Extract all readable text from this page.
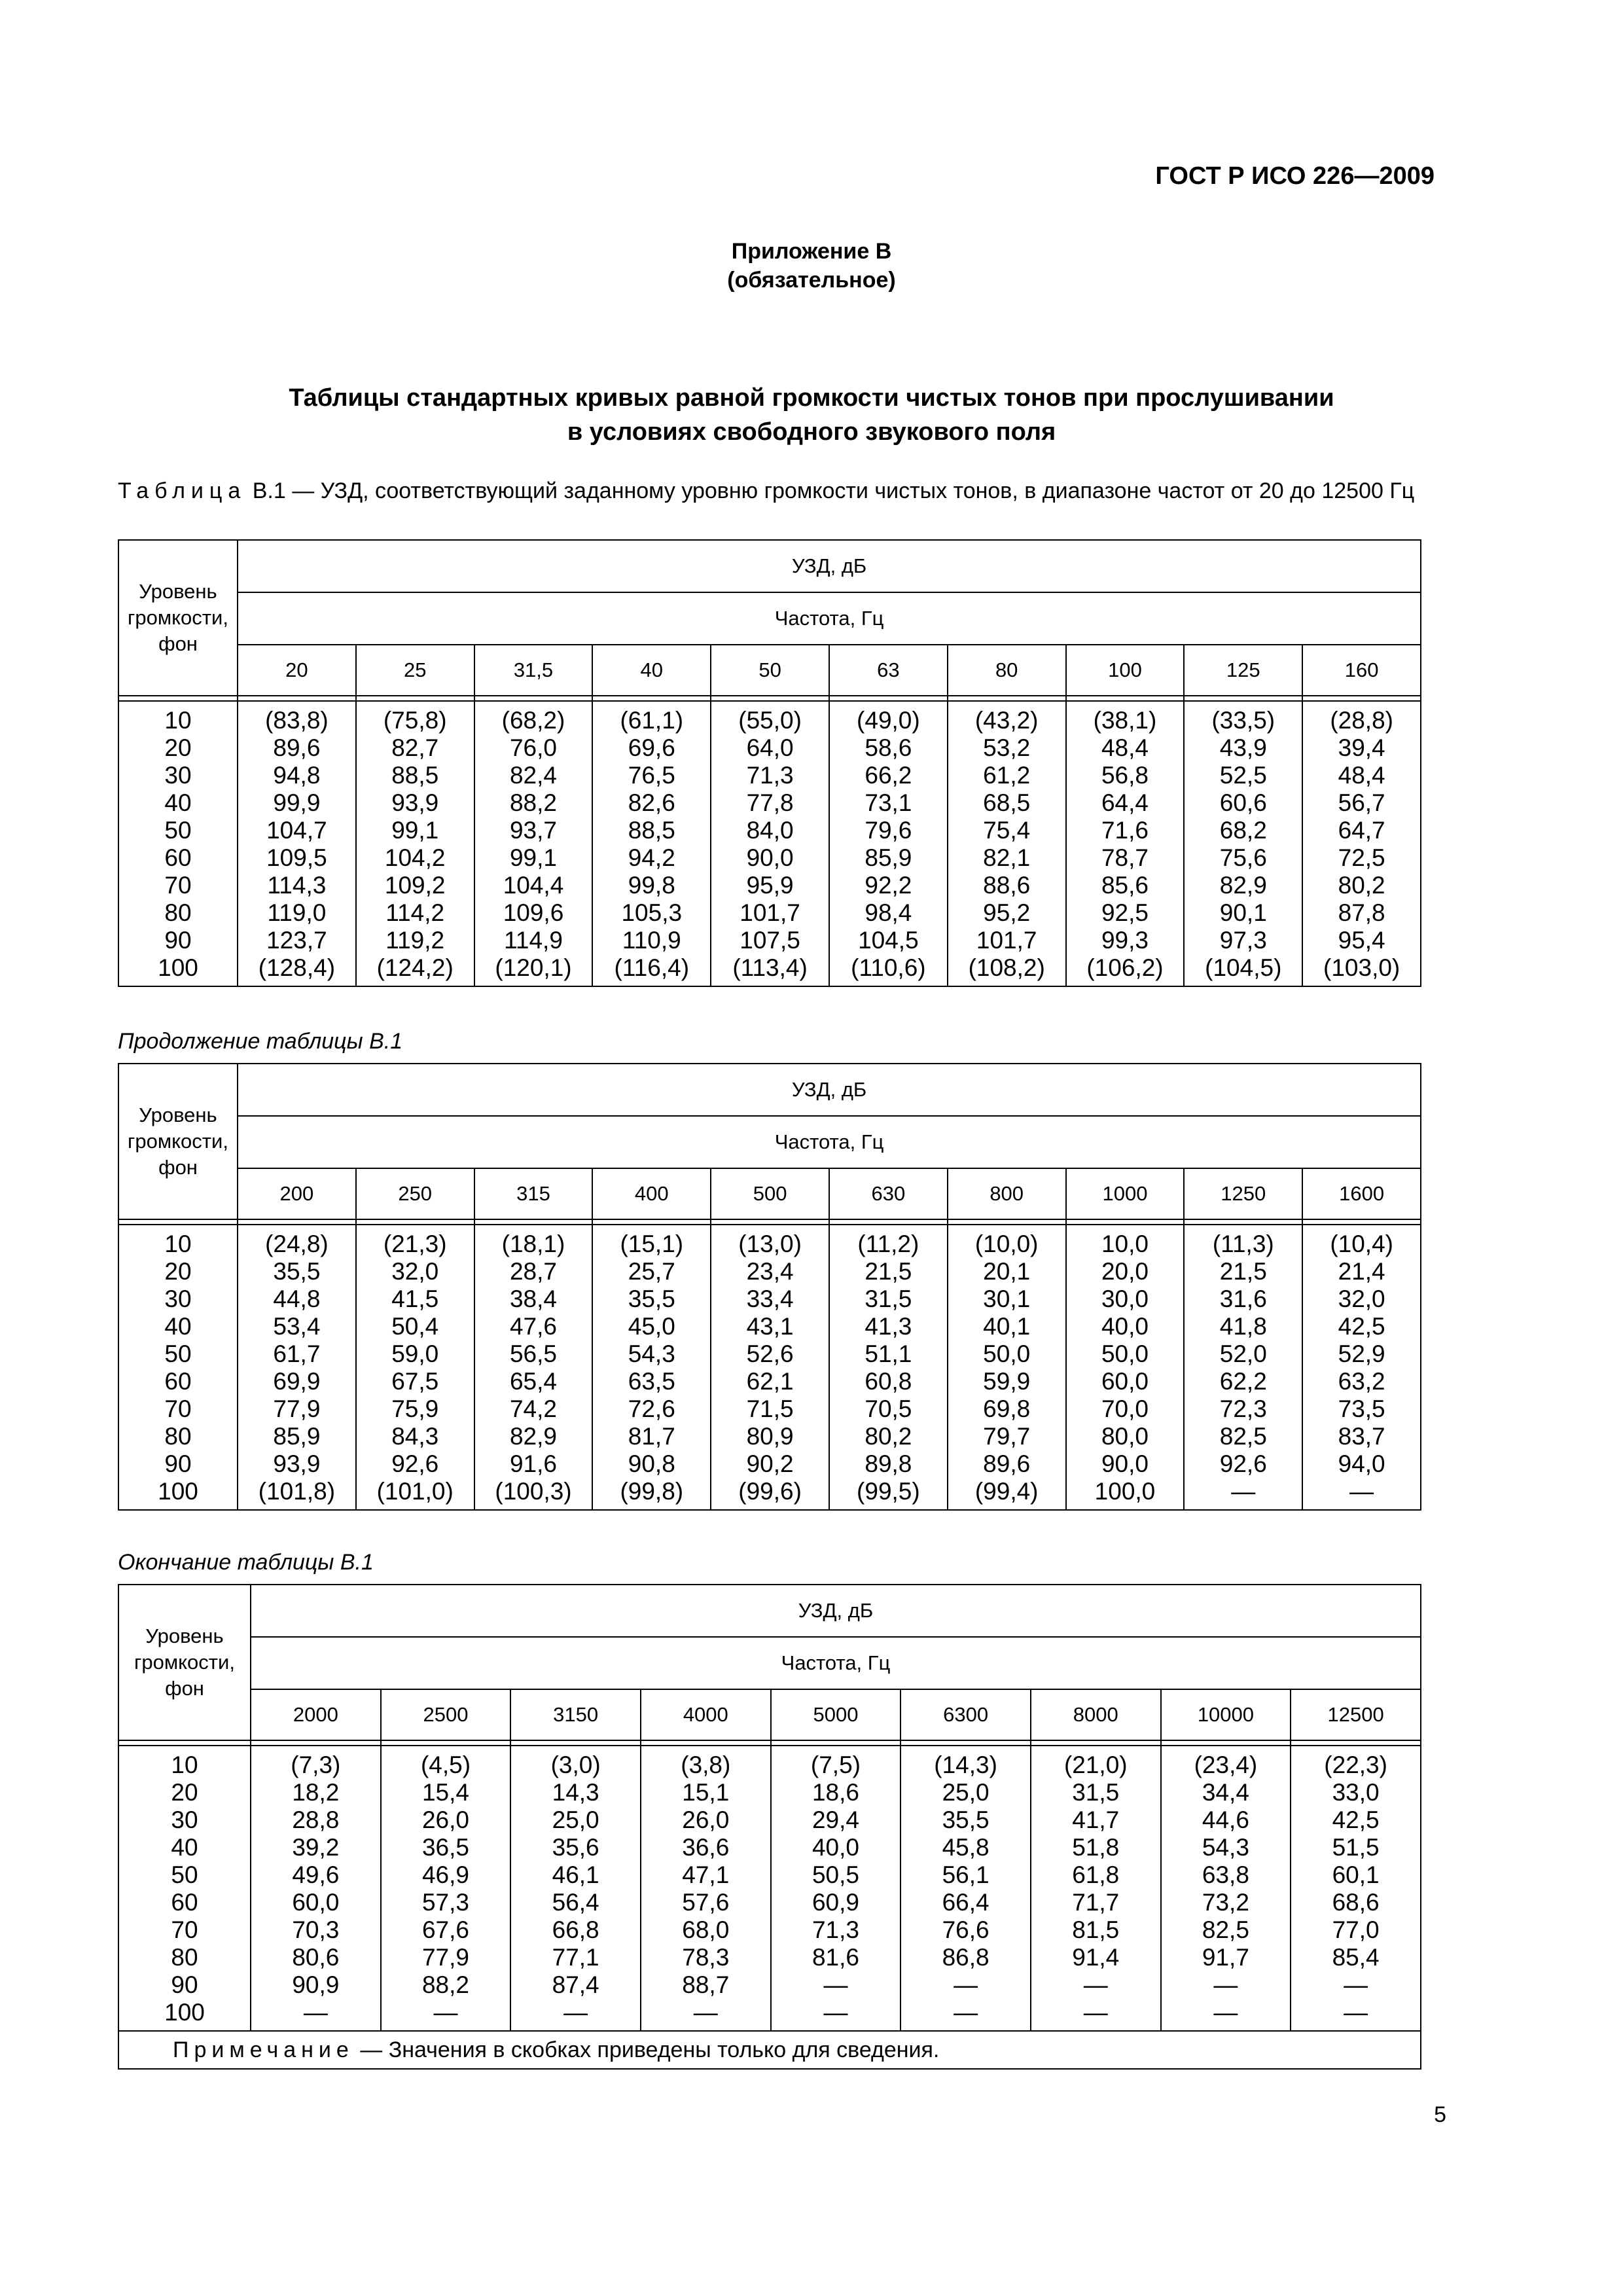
ГОСТ Р ИСО 226—2009
Приложение В
(обязательное)
Таблицы стандартных кривых равной громкости чистых тонов при прослушивании
в условиях свободного звукового поля
Таблица В.1 — УЗД, соответствующий заданному уровню громкости чистых тонов, в диапазоне частот от 20 до 12500 Гц
Продолжение таблицы В.1
Окончание таблицы В.1
Уровень громкости, фон	УЗД, дБ									
	Частота, Гц									
	20	25	31,5	40	50	63	80	100	125	160

10	(83,8)	(75,8)	(68,2)	(61,1)	(55,0)	(49,0)	(43,2)	(38,1)	(33,5)	(28,8)
20	89,6	82,7	76,0	69,6	64,0	58,6	53,2	48,4	43,9	39,4
30	94,8	88,5	82,4	76,5	71,3	66,2	61,2	56,8	52,5	48,4
40	99,9	93,9	88,2	82,6	77,8	73,1	68,5	64,4	60,6	56,7
50	104,7	99,1	93,7	88,5	84,0	79,6	75,4	71,6	68,2	64,7
60	109,5	104,2	99,1	94,2	90,0	85,9	82,1	78,7	75,6	72,5
70	114,3	109,2	104,4	99,8	95,9	92,2	88,6	85,6	82,9	80,2
80	119,0	114,2	109,6	105,3	101,7	98,4	95,2	92,5	90,1	87,8
90	123,7	119,2	114,9	110,9	107,5	104,5	101,7	99,3	97,3	95,4
100	(128,4)	(124,2)	(120,1)	(116,4)	(113,4)	(110,6)	(108,2)	(106,2)	(104,5)	(103,0)
Уровень громкости, фон	УЗД, дБ									
	Частота, Гц									
	200	250	315	400	500	630	800	1000	1250	1600

10	(24,8)	(21,3)	(18,1)	(15,1)	(13,0)	(11,2)	(10,0)	10,0	(11,3)	(10,4)
20	35,5	32,0	28,7	25,7	23,4	21,5	20,1	20,0	21,5	21,4
30	44,8	41,5	38,4	35,5	33,4	31,5	30,1	30,0	31,6	32,0
40	53,4	50,4	47,6	45,0	43,1	41,3	40,1	40,0	41,8	42,5
50	61,7	59,0	56,5	54,3	52,6	51,1	50,0	50,0	52,0	52,9
60	69,9	67,5	65,4	63,5	62,1	60,8	59,9	60,0	62,2	63,2
70	77,9	75,9	74,2	72,6	71,5	70,5	69,8	70,0	72,3	73,5
80	85,9	84,3	82,9	81,7	80,9	80,2	79,7	80,0	82,5	83,7
90	93,9	92,6	91,6	90,8	90,2	89,8	89,6	90,0	92,6	94,0
100	(101,8)	(101,0)	(100,3)	(99,8)	(99,6)	(99,5)	(99,4)	100,0	—	—
Уровень громкости, фон	УЗД, дБ								
	Частота, Гц								
	2000	2500	3150	4000	5000	6300	8000	10000	12500

10	(7,3)	(4,5)	(3,0)	(3,8)	(7,5)	(14,3)	(21,0)	(23,4)	(22,3)
20	18,2	15,4	14,3	15,1	18,6	25,0	31,5	34,4	33,0
30	28,8	26,0	25,0	26,0	29,4	35,5	41,7	44,6	42,5
40	39,2	36,5	35,6	36,6	40,0	45,8	51,8	54,3	51,5
50	49,6	46,9	46,1	47,1	50,5	56,1	61,8	63,8	60,1
60	60,0	57,3	56,4	57,6	60,9	66,4	71,7	73,2	68,6
70	70,3	67,6	66,8	68,0	71,3	76,6	81,5	82,5	77,0
80	80,6	77,9	77,1	78,3	81,6	86,8	91,4	91,7	85,4
90	90,9	88,2	87,4	88,7	—	—	—	—	—
100	—	—	—	—	—	—	—	—	—
Примечание — Значения в скобках приведены только для сведения.									
5
